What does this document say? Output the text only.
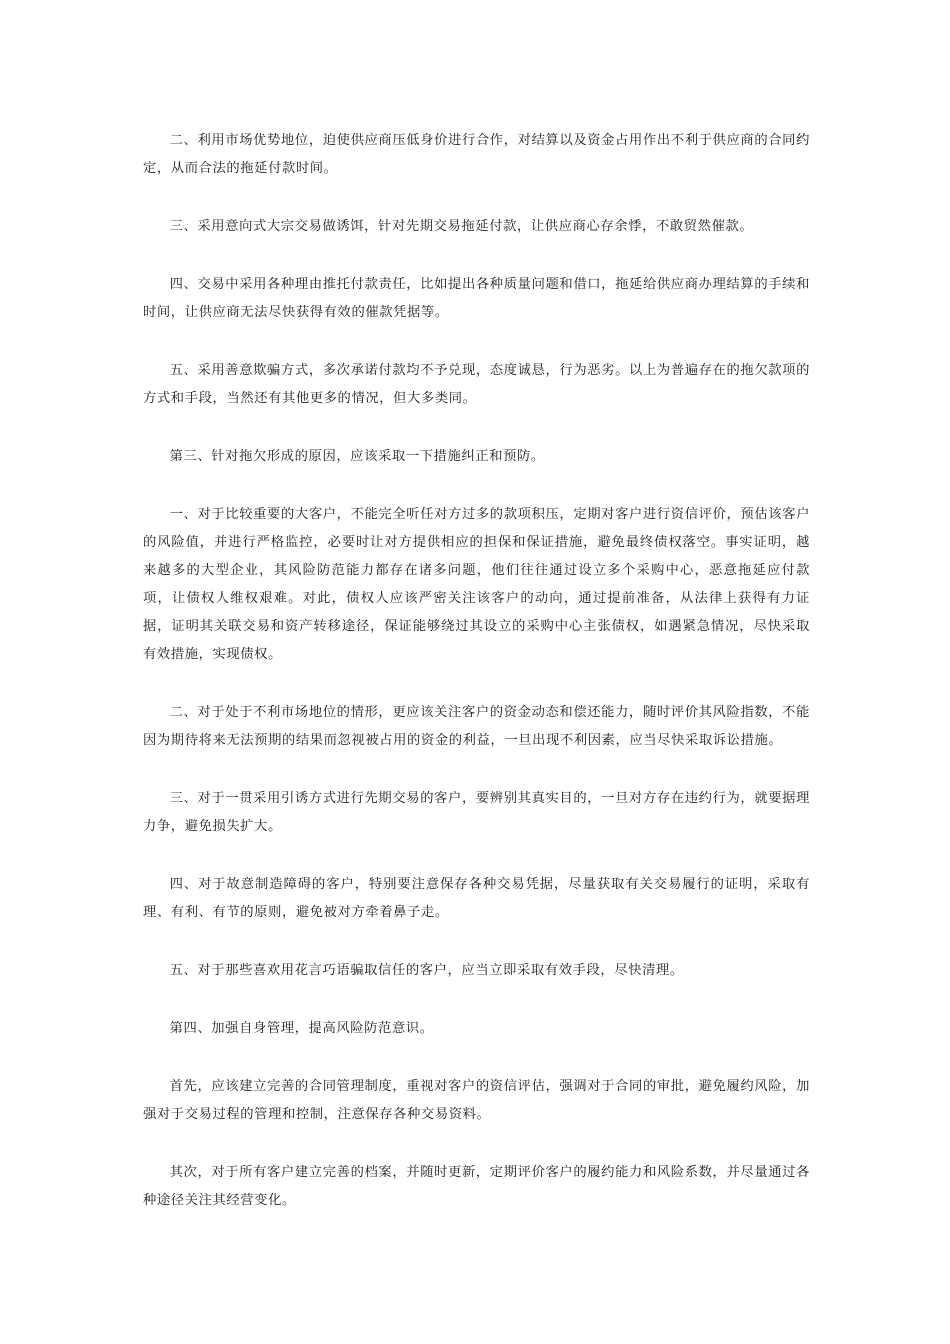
二、利用市场优势地位，迫使供应商压低身价进行合作，对结算以及资金占用作出不利于供应商的合同约定，从而合法的拖延付款时间。

三、采用意向式大宗交易做诱饵，针对先期交易拖延付款，让供应商心存余悸，不敢贸然催款。

四、交易中采用各种理由推托付款责任，比如提出各种质量问题和借口，拖延给供应商办理结算的手续和时间，让供应商无法尽快获得有效的催款凭据等。

五、采用善意欺骗方式，多次承诺付款均不予兑现，态度诚恳，行为恶劣。以上为普遍存在的拖欠款项的方式和手段，当然还有其他更多的情况，但大多类同。

第三、针对拖欠形成的原因，应该采取一下措施纠正和预防。

一、对于比较重要的大客户，不能完全听任对方过多的款项积压，定期对客户进行资信评价，预估该客户的风险值，并进行严格监控，必要时让对方提供相应的担保和保证措施，避免最终债权落空。事实证明，越来越多的大型企业，其风险防范能力都存在诸多问题，他们往往通过设立多个采购中心，恶意拖延应付款项，让债权人维权艰难。对此，债权人应该严密关注该客户的动向，通过提前准备，从法律上获得有力证据，证明其关联交易和资产转移途径，保证能够绕过其设立的采购中心主张债权，如遇紧急情况，尽快采取有效措施，实现债权。

二、对于处于不利市场地位的情形，更应该关注客户的资金动态和偿还能力，随时评价其风险指数，不能因为期待将来无法预期的结果而忽视被占用的资金的利益，一旦出现不利因素，应当尽快采取诉讼措施。

三、对于一贯采用引诱方式进行先期交易的客户，要辨别其真实目的，一旦对方存在违约行为，就要据理力争，避免损失扩大。

四、对于故意制造障碍的客户，特别要注意保存各种交易凭据，尽量获取有关交易履行的证明，采取有理、有利、有节的原则，避免被对方牵着鼻子走。

五、对于那些喜欢用花言巧语骗取信任的客户，应当立即采取有效手段，尽快清理。

第四、加强自身管理，提高风险防范意识。

首先，应该建立完善的合同管理制度，重视对客户的资信评估，强调对于合同的审批，避免履约风险，加强对于交易过程的管理和控制，注意保存各种交易资料。

其次，对于所有客户建立完善的档案，并随时更新，定期评价客户的履约能力和风险系数，并尽量通过各种途径关注其经营变化。
